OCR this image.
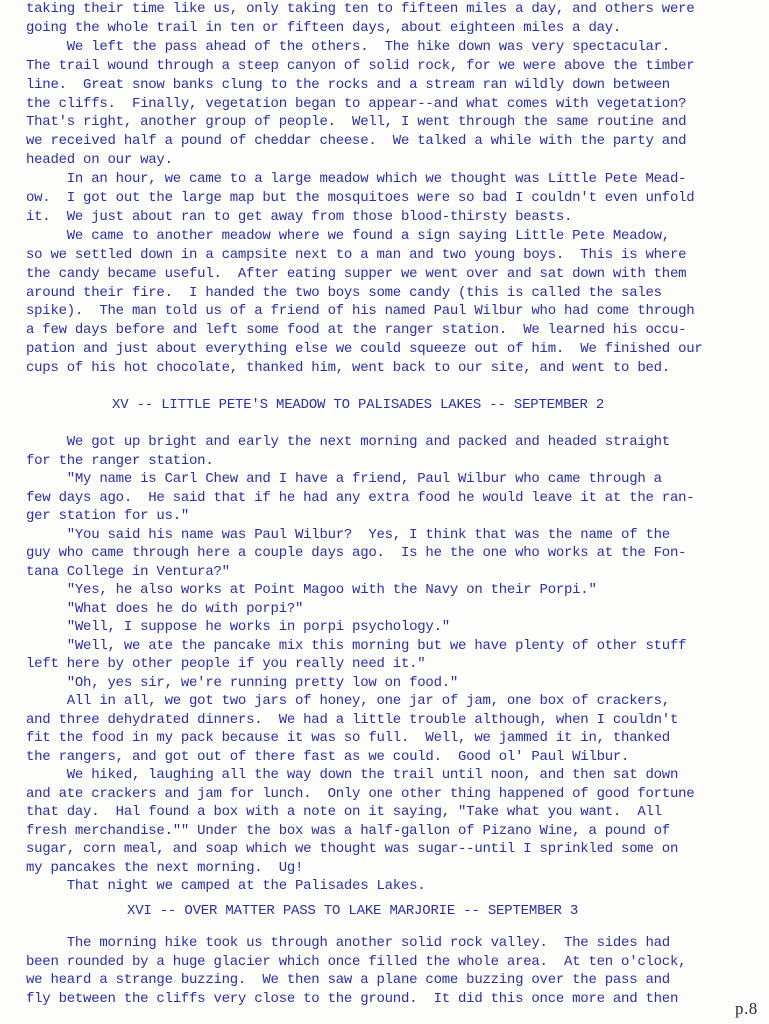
taking their time like us, only taking ten to fifteen miles a day, and others were
going the whole trail in ten or fifteen days, about eighteen miles a day.
We left the pass ahead of the others.  The hike down was very spectacular.
The trail wound through a steep canyon of solid rock, for we were above the timber
line.  Great snow banks clung to the rocks and a stream ran wildly down between
the cliffs.  Finally, vegetation began to appear--and what comes with vegetation?
That's right, another group of people.  Well, I went through the same routine and
we received half a pound of cheddar cheese.  We talked a while with the party and
headed on our way.
In an hour, we came to a large meadow which we thought was Little Pete Mead-
ow.  I got out the large map but the mosquitoes were so bad I couldn't even unfold
it.  We just about ran to get away from those blood-thirsty beasts.
We came to another meadow where we found a sign saying Little Pete Meadow,
so we settled down in a campsite next to a man and two young boys.  This is where
the candy became useful.  After eating supper we went over and sat down with them
around their fire.  I handed the two boys some candy (this is called the sales
spike).  The man told us of a friend of his named Paul Wilbur who had come through
a few days before and left some food at the ranger station.  We learned his occu-
pation and just about everything else we could squeeze out of him.  We finished our
cups of his hot chocolate, thanked him, went back to our site, and went to bed.
XV -- LITTLE PETE'S MEADOW TO PALISADES LAKES -- SEPTEMBER 2
We got up bright and early the next morning and packed and headed straight
for the ranger station.
"My name is Carl Chew and I have a friend, Paul Wilbur who came through a
few days ago.  He said that if he had any extra food he would leave it at the ran-
ger station for us."
"You said his name was Paul Wilbur?  Yes, I think that was the name of the
guy who came through here a couple days ago.  Is he the one who works at the Fon-
tana College in Ventura?"
"Yes, he also works at Point Magoo with the Navy on their Porpi."
"What does he do with porpi?"
"Well, I suppose he works in porpi psychology."
"Well, we ate the pancake mix this morning but we have plenty of other stuff
left here by other people if you really need it."
"Oh, yes sir, we're running pretty low on food."
All in all, we got two jars of honey, one jar of jam, one box of crackers,
and three dehydrated dinners.  We had a little trouble although, when I couldn't
fit the food in my pack because it was so full.  Well, we jammed it in, thanked
the rangers, and got out of there fast as we could.  Good ol' Paul Wilbur.
We hiked, laughing all the way down the trail until noon, and then sat down
and ate crackers and jam for lunch.  Only one other thing happened of good fortune
that day.  Hal found a box with a note on it saying, "Take what you want.  All
fresh merchandise."" Under the box was a half-gallon of Pizano Wine, a pound of
sugar, corn meal, and soap which we thought was sugar--until I sprinkled some on
my pancakes the next morning.  Ug!
That night we camped at the Palisades Lakes.
XVI -- OVER MATTER PASS TO LAKE MARJORIE -- SEPTEMBER 3
The morning hike took us through another solid rock valley.  The sides had
been rounded by a huge glacier which once filled the whole area.  At ten o'clock,
we heard a strange buzzing.  We then saw a plane come buzzing over the pass and
fly between the cliffs very close to the ground.  It did this once more and then	p.8
